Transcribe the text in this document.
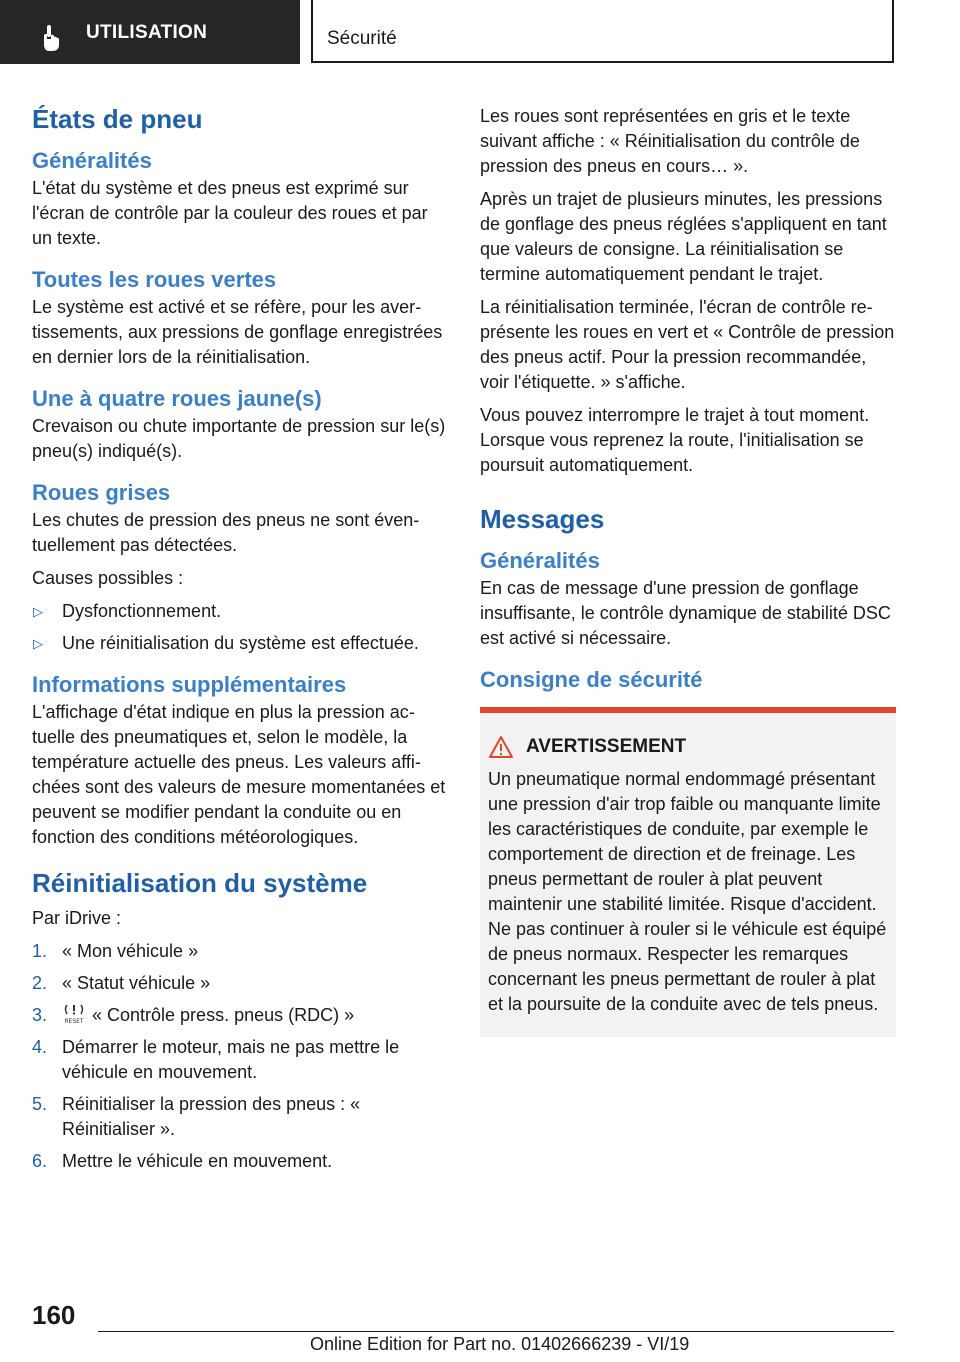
UTILISATION	Sécurité
États de pneu
Généralités

L'état du système et des pneus est exprimé sur l'écran de contrôle par la couleur des roues et par un texte.

Toutes les roues vertes

Le système est activé et se réfère, pour les avertissements, aux pressions de gonflage enregistrées en dernier lors de la réinitialisation.

Une à quatre roues jaune(s)

Crevaison ou chute importante de pression sur le(s) pneu(s) indiqué(s).

Roues grises

Les chutes de pression des pneus ne sont éventuellement pas détectées.

Causes possibles :

▷ Dysfonctionnement.
▷ Une réinitialisation du système est effectuée.
Informations supplémentaires

L'affichage d'état indique en plus la pression actuelle des pneumatiques et, selon le modèle, la température actuelle des pneus. Les valeurs affichées sont des valeurs de mesure momentanées et peuvent se modifier pendant la conduite ou en fonction des conditions météorologiques.

Réinitialisation du système

Par iDrive :

1. « Mon véhicule »
2. « Statut véhicule »
3.	RESET « Contrôle press. pneus (RDC) »
4. Démarrer le moteur, mais ne pas mettre le véhicule en mouvement.
5. Réinitialiser la pression des pneus : « Réinitialiser ».
6. Mettre le véhicule en mouvement.

Les roues sont représentées en gris et le texte suivant affiche : « Réinitialisation du contrôle de pression des pneus en cours… ».

Après un trajet de plusieurs minutes, les pressions de gonflage des pneus réglées s'appliquent en tant que valeurs de consigne. La réinitialisation se termine automatiquement pendant le trajet.

La réinitialisation terminée, l'écran de contrôle représente les roues en vert et « Contrôle de pression des pneus actif. Pour la pression recommandée, voir l'étiquette. » s'affiche.

Vous pouvez interrompre le trajet à tout moment. Lorsque vous reprenez la route, l'initialisation se poursuit automatiquement.

Messages
Généralités

En cas de message d'une pression de gonflage insuffisante, le contrôle dynamique de stabilité DSC est activé si nécessaire.

Consigne de sécurité
AVERTISSEMENT

Un pneumatique normal endommagé présentant une pression d'air trop faible ou manquante limite les caractéristiques de conduite, par exemple le comportement de direction et de freinage. Les pneus permettant de rouler à plat peuvent maintenir une stabilité limitée. Risque d'accident. Ne pas continuer à rouler si le véhicule est équipé de pneus normaux. Respecter les remarques concernant les pneus permettant de rouler à plat et la poursuite de la conduite avec de tels pneus.

160
Online Edition for Part no. 01402666239 - VI/19
